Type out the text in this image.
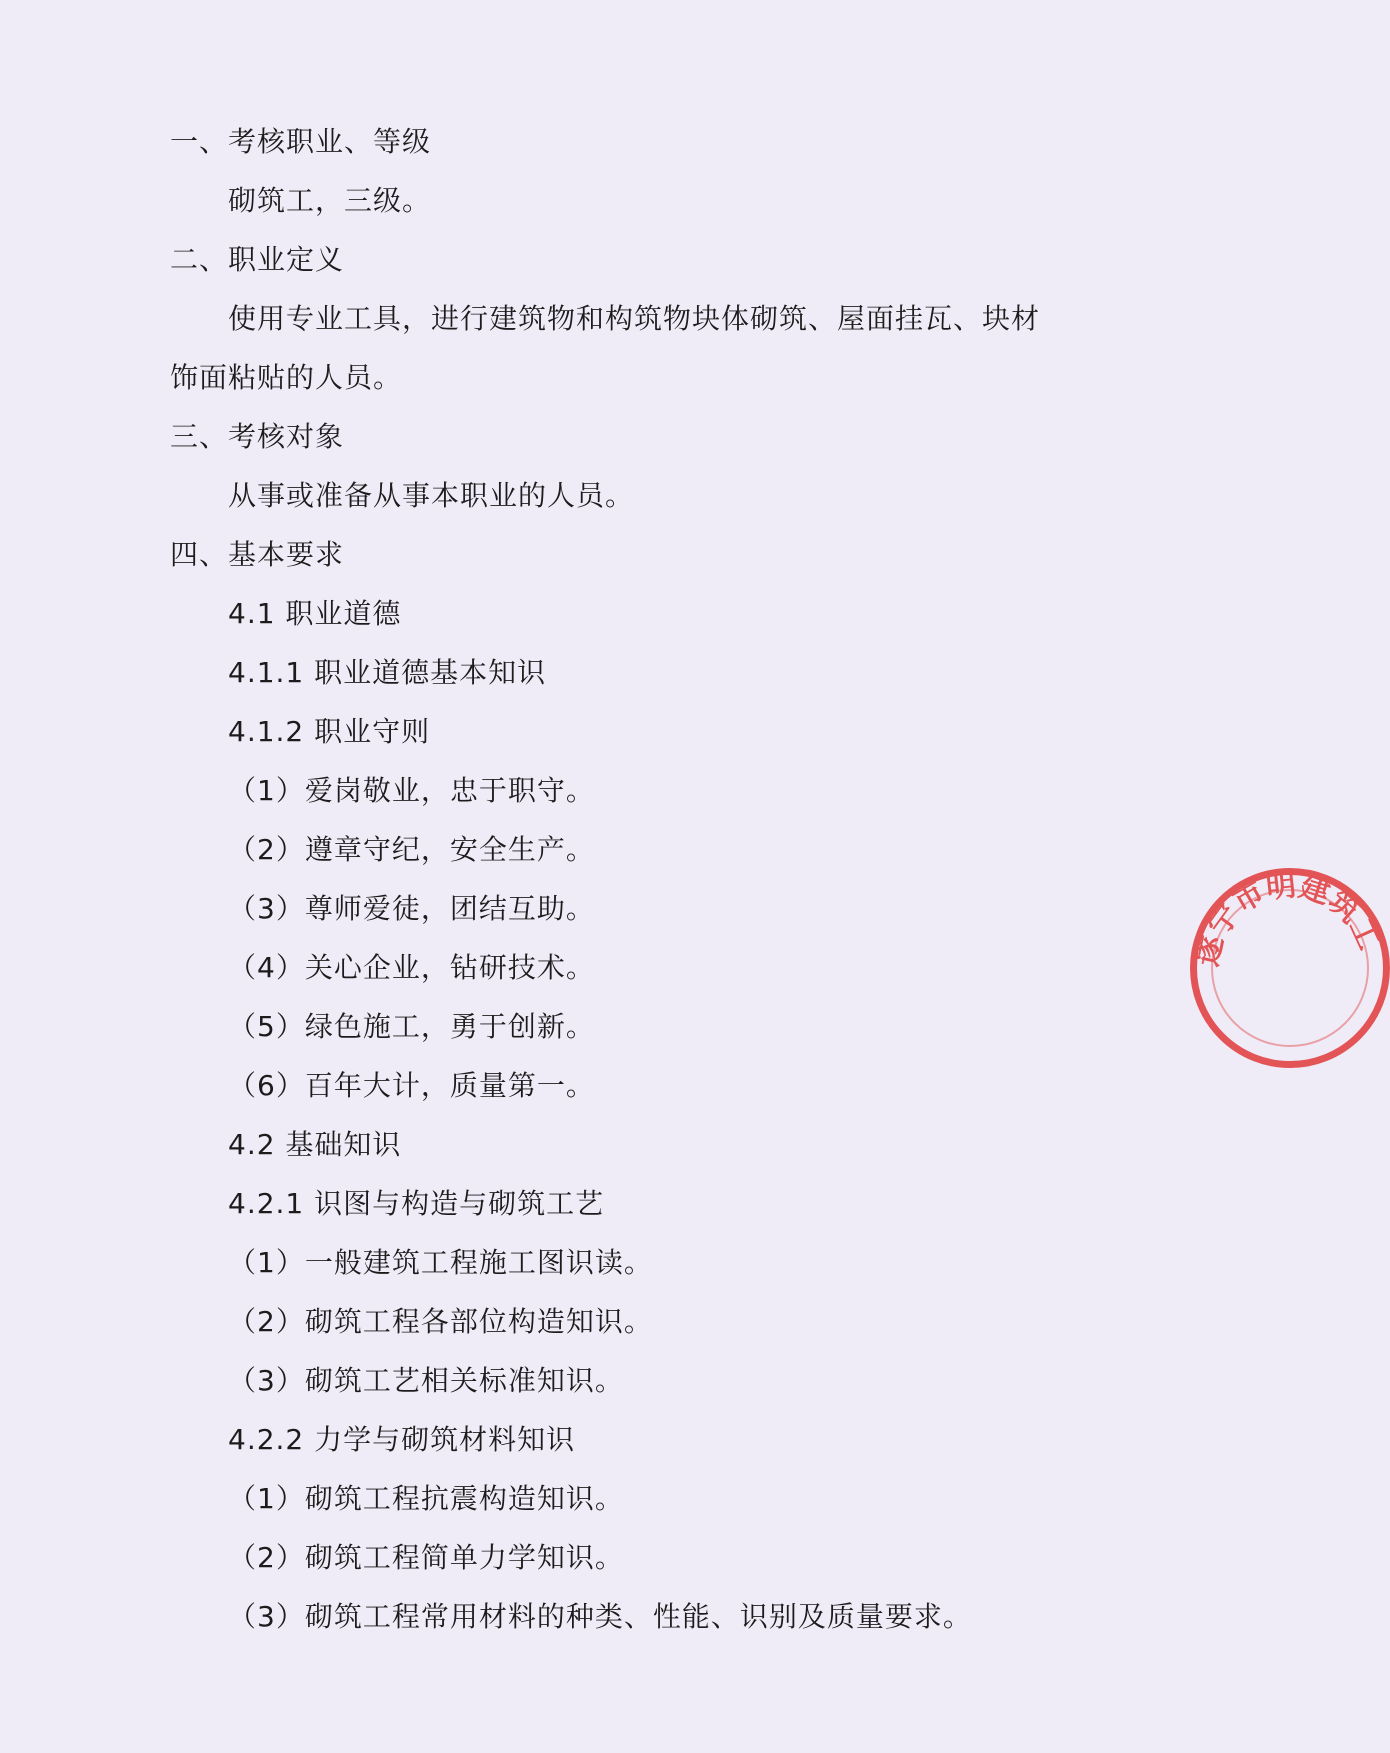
一、考核职业、等级
砌筑工，三级。
二、职业定义
使用专业工具，进行建筑物和构筑物块体砌筑、屋面挂瓦、块材饰面粘贴的人员。
三、考核对象
从事或准备从事本职业的人员。
四、基本要求
4.1 职业道德
4.1.1 职业道德基本知识
4.1.2 职业守则
（1）爱岗敬业，忠于职守。
（2）遵章守纪，安全生产。
（3）尊师爱徒，团结互助。
（4）关心企业，钻研技术。
（5）绿色施工，勇于创新。
（6）百年大计，质量第一。
4.2 基础知识
4.2.1 识图与构造与砌筑工艺
（1）一般建筑工程施工图识读。
（2）砌筑工程各部位构造知识。
（3）砌筑工艺相关标准知识。
4.2.2 力学与砌筑材料知识
（1）砌筑工程抗震构造知识。
（2）砌筑工程简单力学知识。
（3）砌筑工程常用材料的种类、性能、识别及质量要求。
遂宁市明建筑工
